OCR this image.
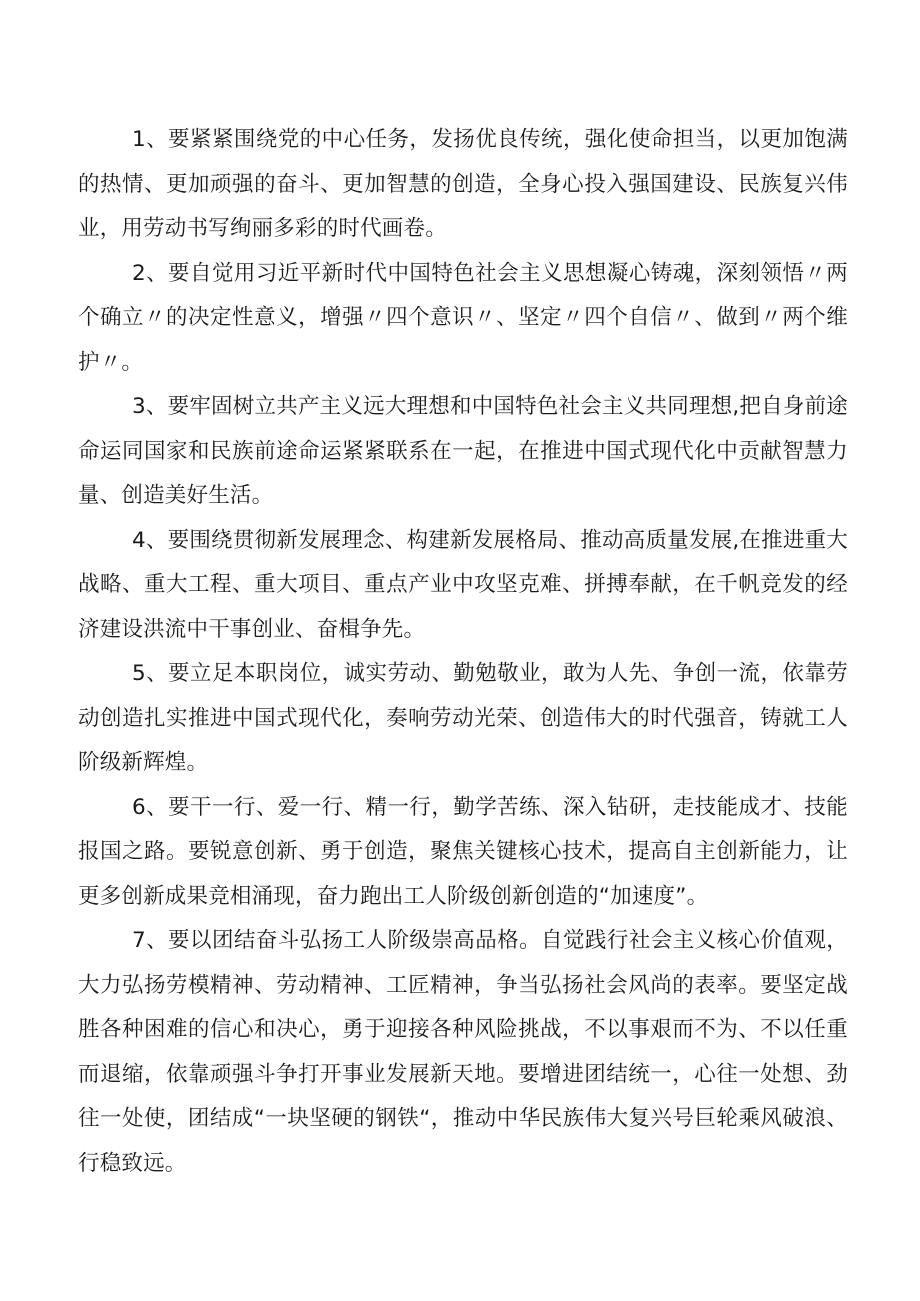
1、要紧紧围绕党的中心任务，发扬优良传统，强化使命担当，以更加饱满的热情、更加顽强的奋斗、更加智慧的创造，全身心投入强国建设、民族复兴伟业，用劳动书写绚丽多彩的时代画卷。

2、要自觉用习近平新时代中国特色社会主义思想凝心铸魂，深刻领悟〃两个确立〃的决定性意义，增强〃四个意识〃、坚定〃四个自信〃、做到〃两个维护〃。

3、要牢固树立共产主义远大理想和中国特色社会主义共同理想,把自身前途命运同国家和民族前途命运紧紧联系在一起，在推进中国式现代化中贡献智慧力量、创造美好生活。

4、要围绕贯彻新发展理念、构建新发展格局、推动高质量发展,在推进重大战略、重大工程、重大项目、重点产业中攻坚克难、拼搏奉献，在千帆竞发的经济建设洪流中干事创业、奋楫争先。

5、要立足本职岗位，诚实劳动、勤勉敬业，敢为人先、争创一流，依靠劳动创造扎实推进中国式现代化，奏响劳动光荣、创造伟大的时代强音，铸就工人阶级新辉煌。

6、要干一行、爱一行、精一行，勤学苦练、深入钻研，走技能成才、技能报国之路。要锐意创新、勇于创造，聚焦关键核心技术，提高自主创新能力，让更多创新成果竞相涌现，奋力跑出工人阶级创新创造的“加速度”。

7、要以团结奋斗弘扬工人阶级崇高品格。自觉践行社会主义核心价值观，大力弘扬劳模精神、劳动精神、工匠精神，争当弘扬社会风尚的表率。要坚定战胜各种困难的信心和决心，勇于迎接各种风险挑战，不以事艰而不为、不以任重而退缩，依靠顽强斗争打开事业发展新天地。要增进团结统一，心往一处想、劲往一处使，团结成“一块坚硬的钢铁“，推动中华民族伟大复兴号巨轮乘风破浪、行稳致远。
